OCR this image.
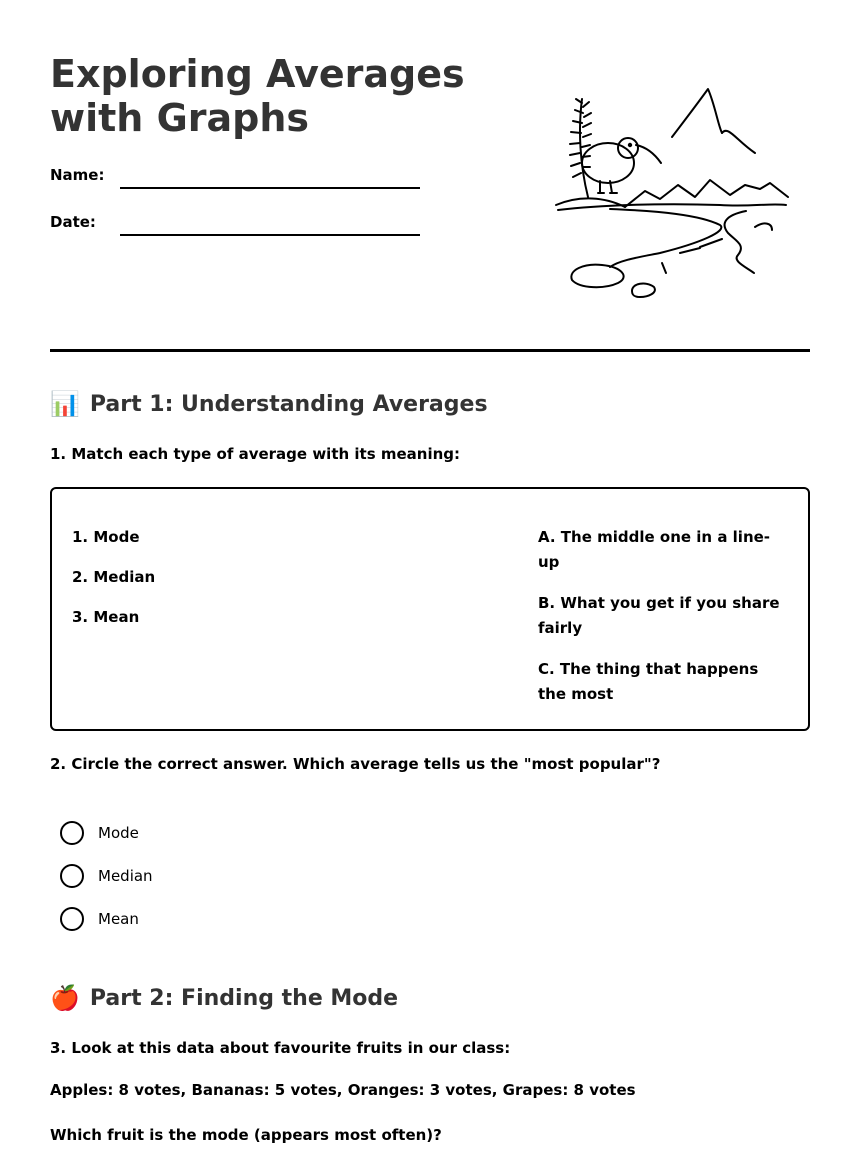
Exploring Averages with Graphs
Name:
Date:
📊 Part 1: Understanding Averages
1. Match each type of average with its meaning:
1. Mode
2. Median
3. Mean
A. The middle one in a line-up
B. What you get if you share fairly
C. The thing that happens the most
2. Circle the correct answer. Which average tells us the "most popular"?
Mode
Median
Mean
🍎 Part 2: Finding the Mode
3. Look at this data about favourite fruits in our class:
Apples: 8 votes, Bananas: 5 votes, Oranges: 3 votes, Grapes: 8 votes
Which fruit is the mode (appears most often)?
